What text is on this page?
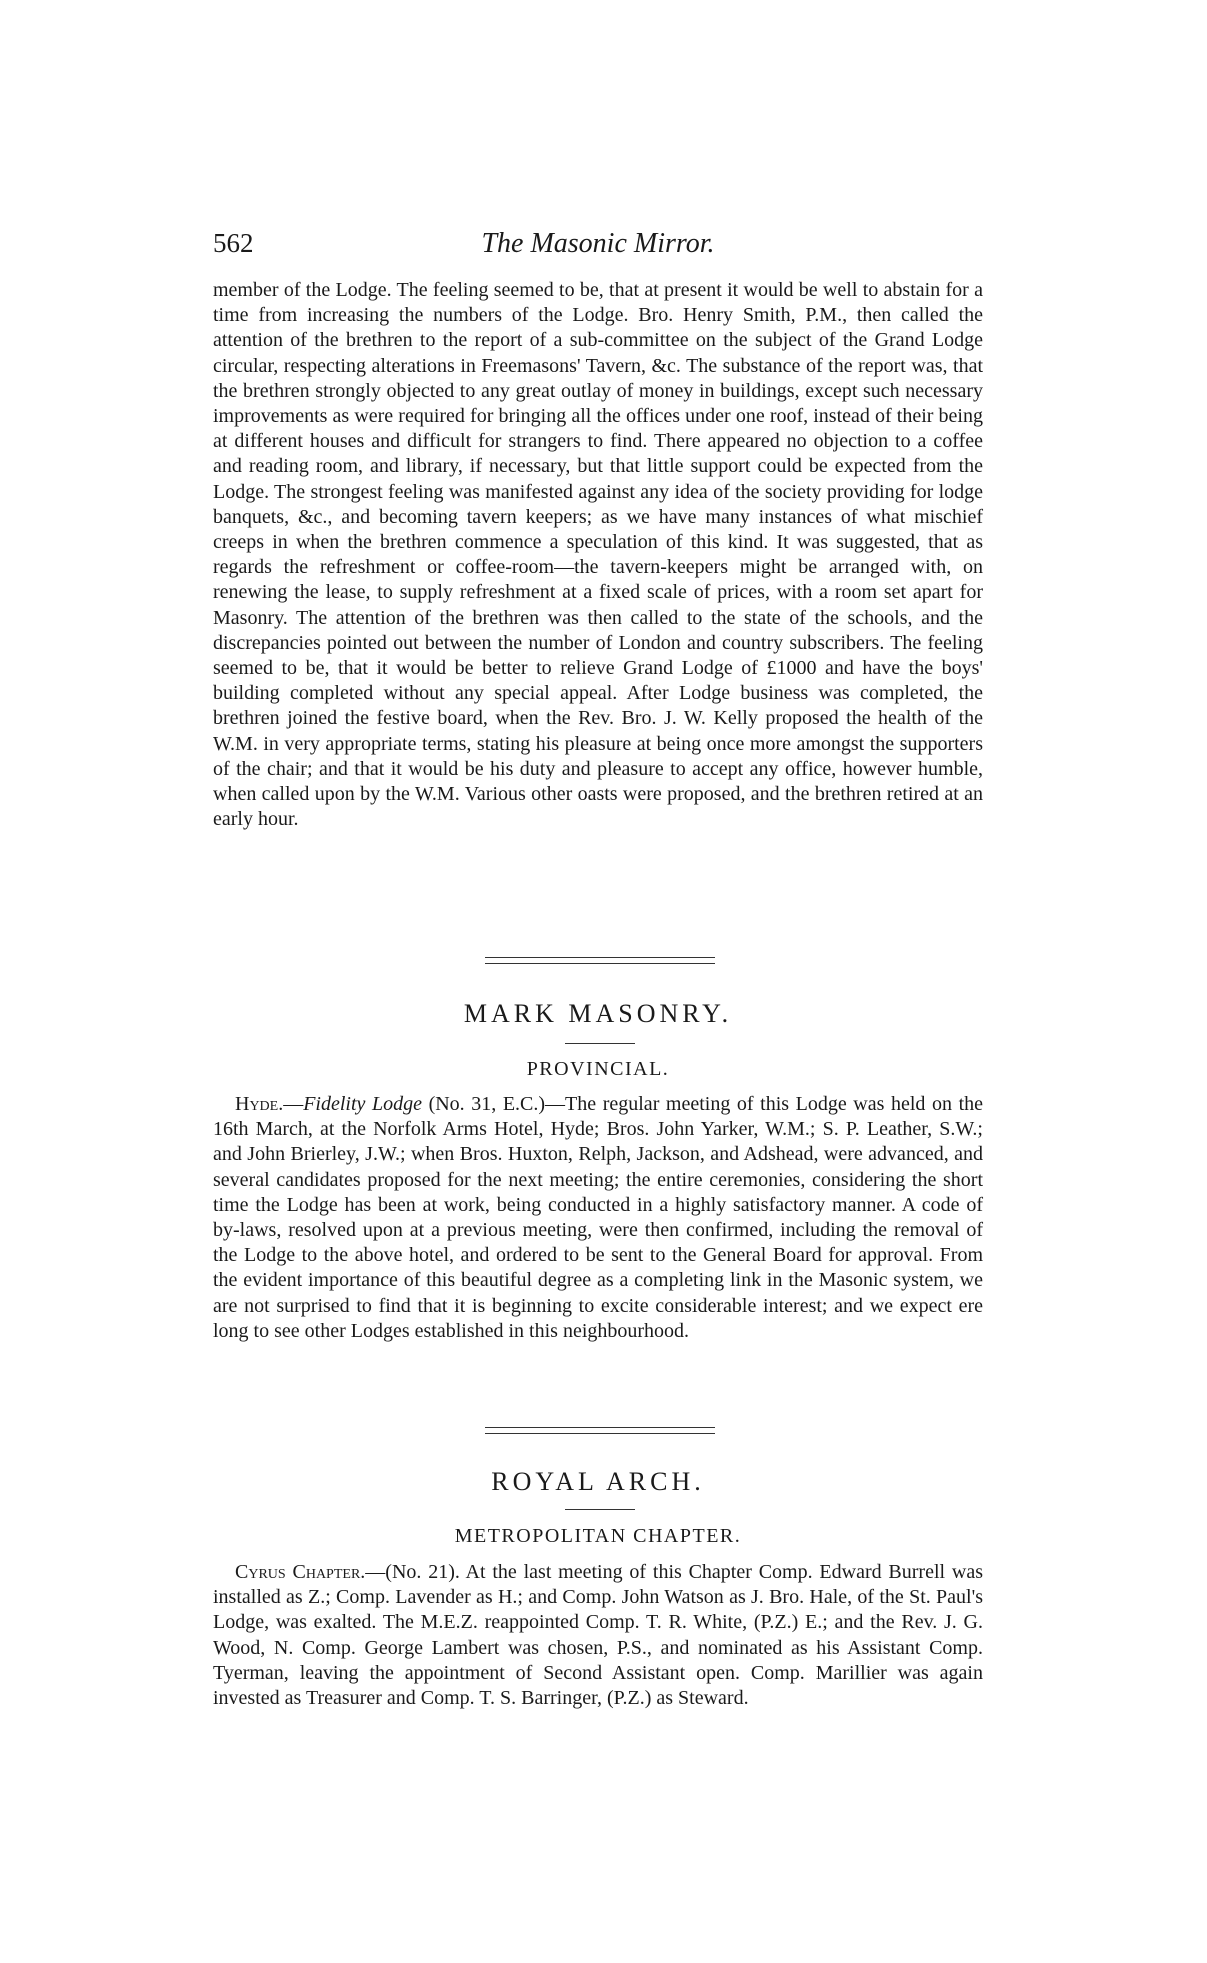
562	The Masonic Mirror.

member of the Lodge. The feeling seemed to be, that at present it would be well to abstain for a time from increasing the numbers of the Lodge. Bro. Henry Smith, P.M., then called the attention of the brethren to the report of a sub-committee on the subject of the Grand Lodge circular, respecting alterations in Freemasons' Tavern, &c. The substance of the report was, that the brethren strongly objected to any great outlay of money in buildings, except such necessary improvements as were required for bringing all the offices under one roof, instead of their being at different houses and difficult for strangers to find. There appeared no objection to a coffee and reading room, and library, if necessary, but that little support could be expected from the Lodge. The strongest feeling was manifested against any idea of the society providing for lodge banquets, &c., and becoming tavern keepers; as we have many instances of what mischief creeps in when the brethren commence a speculation of this kind. It was suggested, that as regards the refreshment or coffee-room—the tavern-keepers might be arranged with, on renewing the lease, to supply refreshment at a fixed scale of prices, with a room set apart for Masonry. The attention of the brethren was then called to the state of the schools, and the discrepancies pointed out between the number of London and country subscribers. The feeling seemed to be, that it would be better to relieve Grand Lodge of £1000 and have the boys' building completed without any special appeal. After Lodge business was completed, the brethren joined the festive board, when the Rev. Bro. J. W. Kelly proposed the health of the W.M. in very appropriate terms, stating his pleasure at being once more amongst the supporters of the chair; and that it would be his duty and pleasure to accept any office, however humble, when called upon by the W.M. Various other oasts were proposed, and the brethren retired at an early hour.

MARK MASONRY.
PROVINCIAL.

Hyde.—Fidelity Lodge (No. 31, E.C.)—The regular meeting of this Lodge was held on the 16th March, at the Norfolk Arms Hotel, Hyde; Bros. John Yarker, W.M.; S. P. Leather, S.W.; and John Brierley, J.W.; when Bros. Huxton, Relph, Jackson, and Adshead, were advanced, and several candidates proposed for the next meeting; the entire ceremonies, considering the short time the Lodge has been at work, being conducted in a highly satisfactory manner. A code of by-laws, resolved upon at a previous meeting, were then confirmed, including the removal of the Lodge to the above hotel, and ordered to be sent to the General Board for approval. From the evident importance of this beautiful degree as a completing link in the Masonic system, we are not surprised to find that it is beginning to excite considerable interest; and we expect ere long to see other Lodges established in this neighbourhood.

ROYAL ARCH.
METROPOLITAN CHAPTER.

Cyrus Chapter.—(No. 21). At the last meeting of this Chapter Comp. Edward Burrell was installed as Z.; Comp. Lavender as H.; and Comp. John Watson as J. Bro. Hale, of the St. Paul's Lodge, was exalted. The M.E.Z. reappointed Comp. T. R. White, (P.Z.) E.; and the Rev. J. G. Wood, N. Comp. George Lambert was chosen, P.S., and nominated as his Assistant Comp. Tyerman, leaving the appointment of Second Assistant open. Comp. Marillier was again invested as Treasurer and Comp. T. S. Barringer, (P.Z.) as Steward.
